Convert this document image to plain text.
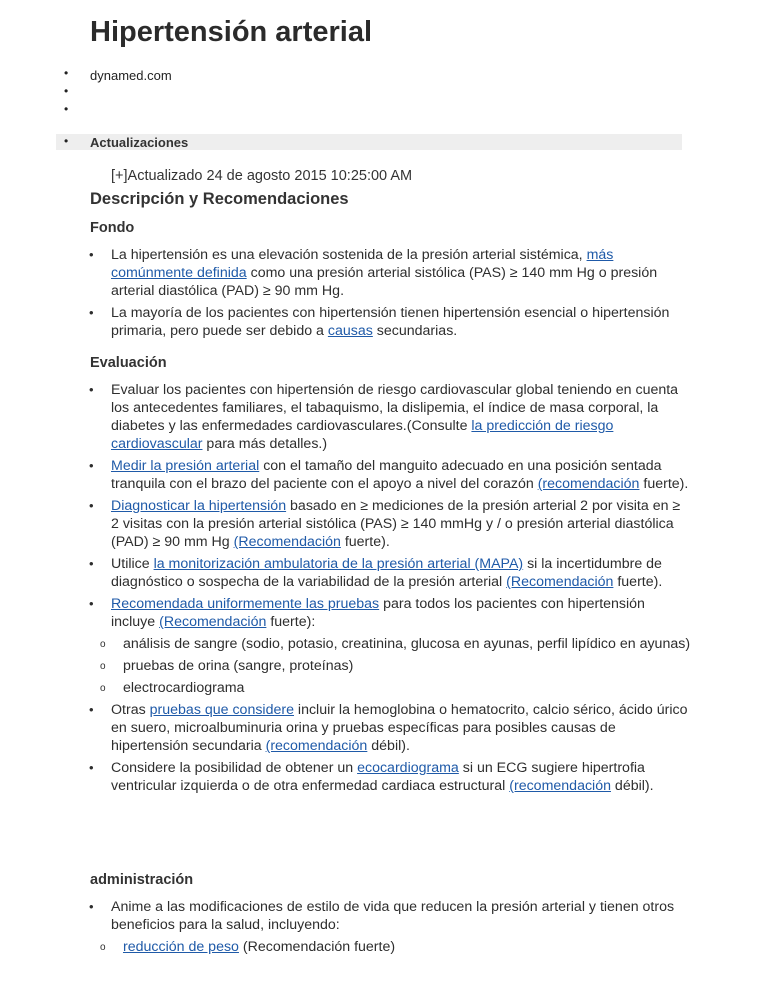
Hipertensión arterial
• dynamed.com
•
•
• Actualizaciones
[+]Actualizado 24 de agosto 2015 10:25:00 AM
Descripción y Recomendaciones
Fondo
• La hipertensión es una elevación sostenida de la presión arterial sistémica, más comúnmente definida como una presión arterial sistólica (PAS) ≥ 140 mm Hg o presión arterial diastólica (PAD) ≥ 90 mm Hg.
• La mayoría de los pacientes con hipertensión tienen hipertensión esencial o hipertensión primaria, pero puede ser debido a causas secundarias.
Evaluación
• Evaluar los pacientes con hipertensión de riesgo cardiovascular global teniendo en cuenta los antecedentes familiares, el tabaquismo, la dislipemia, el índice de masa corporal, la diabetes y las enfermedades cardiovasculares.(Consulte la predicción de riesgo cardiovascular para más detalles.)
• Medir la presión arterial con el tamaño del manguito adecuado en una posición sentada tranquila con el brazo del paciente con el apoyo a nivel del corazón (recomendación fuerte).
• Diagnosticar la hipertensión basado en ≥ mediciones de la presión arterial 2 por visita en ≥ 2 visitas con la presión arterial sistólica (PAS) ≥ 140 mmHg y / o presión arterial diastólica (PAD) ≥ 90 mm Hg (Recomendación fuerte).
• Utilice la monitorización ambulatoria de la presión arterial (MAPA) si la incertidumbre de diagnóstico o sospecha de la variabilidad de la presión arterial (Recomendación fuerte).
• Recomendada uniformemente las pruebas para todos los pacientes con hipertensión incluye (Recomendación fuerte):
o análisis de sangre (sodio, potasio, creatinina, glucosa en ayunas, perfil lipídico en ayunas)
o pruebas de orina (sangre, proteínas)
o electrocardiograma
• Otras pruebas que considere incluir la hemoglobina o hematocrito, calcio sérico, ácido úrico en suero, microalbuminuria orina y pruebas específicas para posibles causas de hipertensión secundaria (recomendación débil).
• Considere la posibilidad de obtener un ecocardiograma si un ECG sugiere hipertrofia ventricular izquierda o de otra enfermedad cardiaca estructural (recomendación débil).
administración
• Anime a las modificaciones de estilo de vida que reducen la presión arterial y tienen otros beneficios para la salud, incluyendo:
o reducción de peso (Recomendación fuerte)
